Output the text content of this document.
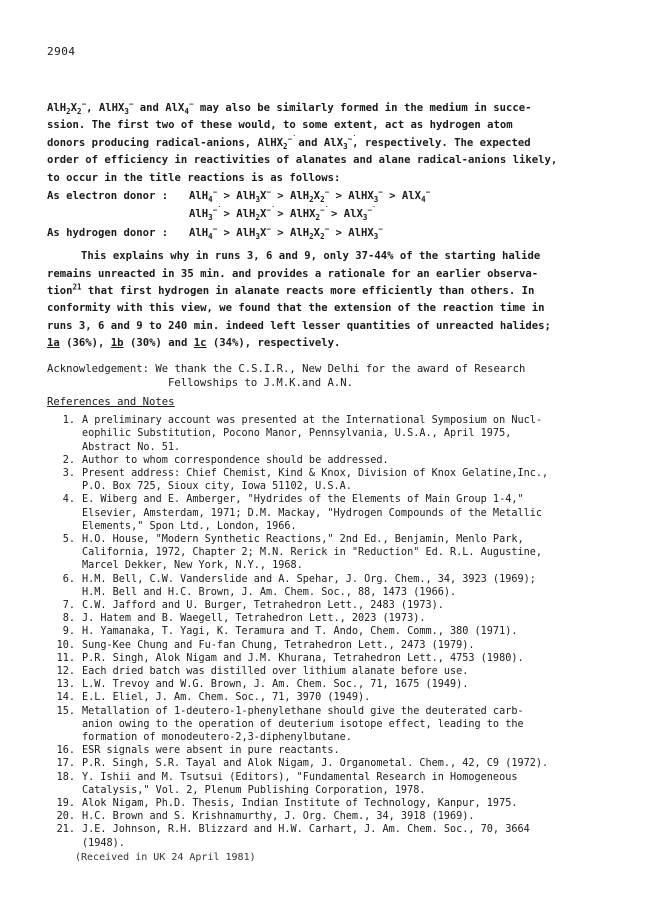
2904

$AlH_2X_2^-$, AlHX$_3$− and AlX$_4$− may also be similarly formed in the medium in succe-

ssion. The first two of these would, to some extent, act as hydrogen atom

donors producing radical-anions, AlHX$_2$−̇ and AlX$_3$−̇, respectively. The expected

order of efficiency in reactivities of alanates and alane radical-anions likely,

to occur in the title reactions is as follows:

As electron donor : $AlH_4^- > AlH_3X^- > AlH_2X_2^-$ > AlHX$_3$− > AlX$_4$−

AlH$_3$−̇ > AlH$_2$X−̇ > AlHX$_2$−̇ > AlX$_3$−̇

As hydrogen donor : $AlH_4^- > AlH_3X^- > AlH_2X_2^-$ > AlHX$_3$−

This explains why in runs 3, 6 and 9, only 37-44% of the starting halide

remains unreacted in 35 min. and provides a rationale for an earlier observa-

tion$^{21}$ that first hydrogen in alanate reacts more efficiently than others. In

conformity with this view, we found that the extension of the reaction time in

runs 3, 6 and 9 to 240 min. indeed left lesser quantities of unreacted halides;

1a (36%), 1b (30%) and 1c (34%), respectively.

Acknowledgement: We thank the C.S.I.R., New Delhi for the award of Research
Fellowships to J.M.K.and A.N.
References and Notes
1. A preliminary account was presented at the International Symposium on Nucl-
eophilic Substitution, Pocono Manor, Pennsylvania, U.S.A., April 1975,
Abstract No. 51.
2. Author to whom correspondence should be addressed.
3. Present address: Chief Chemist, Kind & Knox, Division of Knox Gelatine,Inc.,
P.O. Box 725, Sioux city, Iowa 51102, U.S.A.
4. E. Wiberg and E. Amberger, "Hydrides of the Elements of Main Group 1-4,"
Elsevier, Amsterdam, 1971; D.M. Mackay, "Hydrogen Compounds of the Metallic
Elements," Spon Ltd., London, 1966.
5. H.O. House, "Modern Synthetic Reactions," 2nd Ed., Benjamin, Menlo Park,
California, 1972, Chapter 2; M.N. Rerick in "Reduction" Ed. R.L. Augustine,
Marcel Dekker, New York, N.Y., 1968.
6. H.M. Bell, C.W. Vanderslide and A. Spehar, J. Org. Chem., 34, 3923 (1969);
H.M. Bell and H.C. Brown, J. Am. Chem. Soc., 88, 1473 (1966).
7. C.W. Jafford and U. Burger, Tetrahedron Lett., 2483 (1973).
8. J. Hatem and B. Waegell, Tetrahedron Lett., 2023 (1973).
9. H. Yamanaka, T. Yagi, K. Teramura and T. Ando, Chem. Comm., 380 (1971).
10. Sung-Kee Chung and Fu-fan Chung, Tetrahedron Lett., 2473 (1979).
11. P.R. Singh, Alok Nigam and J.M. Khurana, Tetrahedron Lett., 4753 (1980).
12. Each dried batch was distilled over lithium alanate before use.
13. L.W. Trevoy and W.G. Brown, J. Am. Chem. Soc., 71, 1675 (1949).
14. E.L. Eliel, J. Am. Chem. Soc., 71, 3970 (1949).
15. Metallation of 1-deutero-1-phenylethane should give the deuterated carb-
anion owing to the operation of deuterium isotope effect, leading to the
formation of monodeutero-2,3-diphenylbutane.
16. ESR signals were absent in pure reactants.
17. P.R. Singh, S.R. Tayal and Alok Nigam, J. Organometal. Chem., 42, C9 (1972).
18. Y. Ishii and M. Tsutsui (Editors), "Fundamental Research in Homogeneous
Catalysis," Vol. 2, Plenum Publishing Corporation, 1978.
19. Alok Nigam, Ph.D. Thesis, Indian Institute of Technology, Kanpur, 1975.
20. H.C. Brown and S. Krishnamurthy, J. Org. Chem., 34, 3918 (1969).
21. J.E. Johnson, R.H. Blizzard and H.W. Carhart, J. Am. Chem. Soc., 70, 3664
(1948).
(Received in UK 24 April 1981)
